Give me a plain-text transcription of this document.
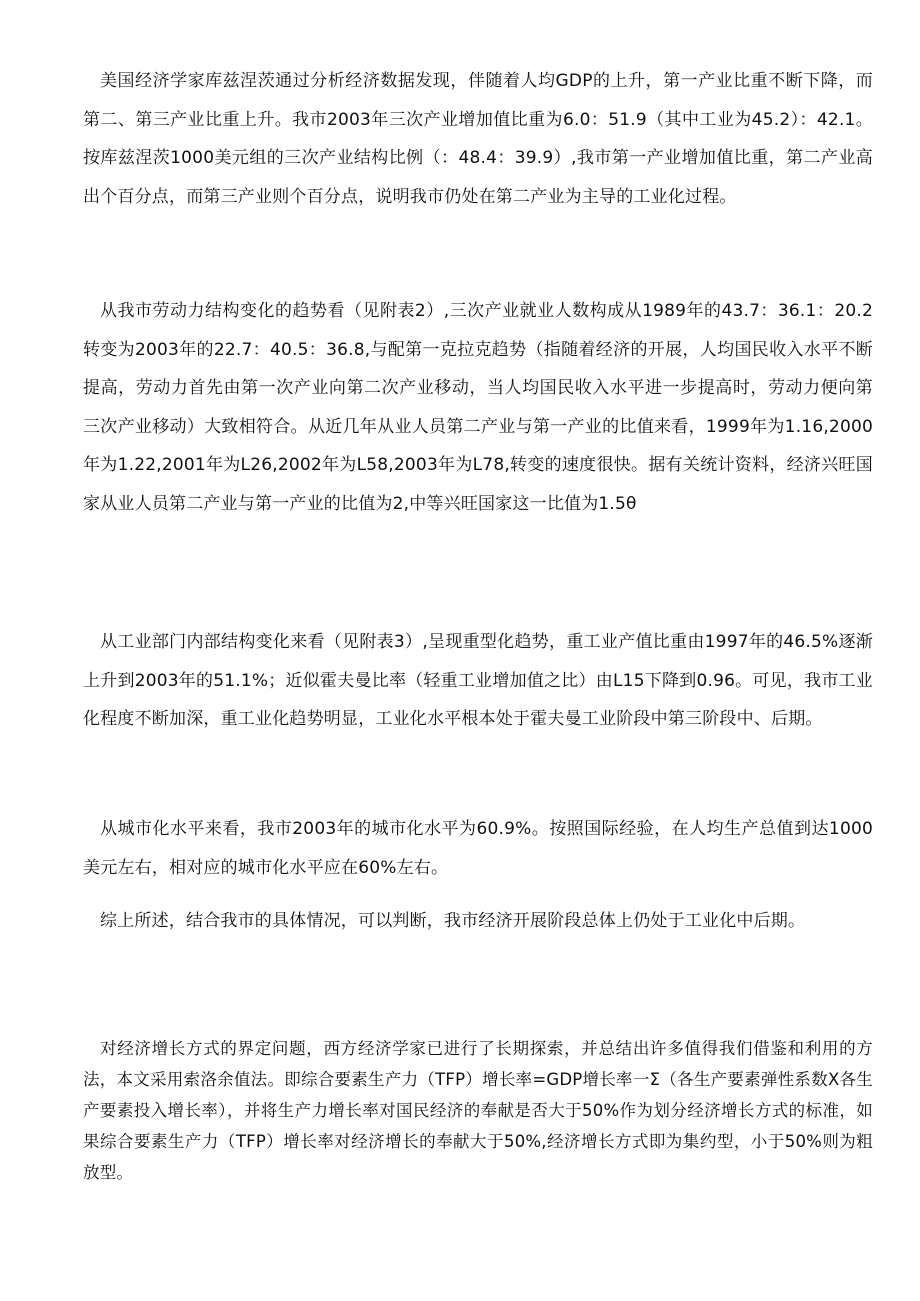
美国经济学家库兹涅茨通过分析经济数据发现，伴随着人均GDP的上升，第一产业比重不断下降，而第二、第三产业比重上升。我市2003年三次产业增加值比重为6.0：51.9（其中工业为45.2）：42.1。按库兹涅茨1000美元组的三次产业结构比例（：48.4：39.9）,我市第一产业增加值比重，第二产业高出个百分点，而第三产业则个百分点，说明我市仍处在第二产业为主导的工业化过程。

从我市劳动力结构变化的趋势看（见附表2）,三次产业就业人数构成从1989年的43.7：36.1：20.2转变为2003年的22.7：40.5：36.8,与配第一克拉克趋势（指随着经济的开展，人均国民收入水平不断提高，劳动力首先由第一次产业向第二次产业移动，当人均国民收入水平进一步提高时，劳动力便向第三次产业移动）大致相符合。从近几年从业人员第二产业与第一产业的比值来看，1999年为1.16,2000年为1.22,2001年为L26,2002年为L58,2003年为L78,转变的速度很快。据有关统计资料，经济兴旺国家从业人员第二产业与第一产业的比值为2,中等兴旺国家这一比值为1.5θ

从工业部门内部结构变化来看（见附表3）,呈现重型化趋势，重工业产值比重由1997年的46.5%逐渐上升到2003年的51.1%；近似霍夫曼比率（轻重工业增加值之比）由L15下降到0.96。可见，我市工业化程度不断加深，重工业化趋势明显，工业化水平根本处于霍夫曼工业阶段中第三阶段中、后期。

从城市化水平来看，我市2003年的城市化水平为60.9%。按照国际经验，在人均生产总值到达1000美元左右，相对应的城市化水平应在60%左右。

综上所述，结合我市的具体情况，可以判断，我市经济开展阶段总体上仍处于工业化中后期。

对经济增长方式的界定问题，西方经济学家已进行了长期探索，并总结出许多值得我们借鉴和利用的方法，本文采用索洛余值法。即综合要素生产力（TFP）增长率=GDP增长率一Σ（各生产要素弹性系数X各生产要素投入增长率），并将生产力增长率对国民经济的奉献是否大于50%作为划分经济增长方式的标准，如果综合要素生产力（TFP）增长率对经济增长的奉献大于50%,经济增长方式即为集约型，小于50%则为粗放型。
